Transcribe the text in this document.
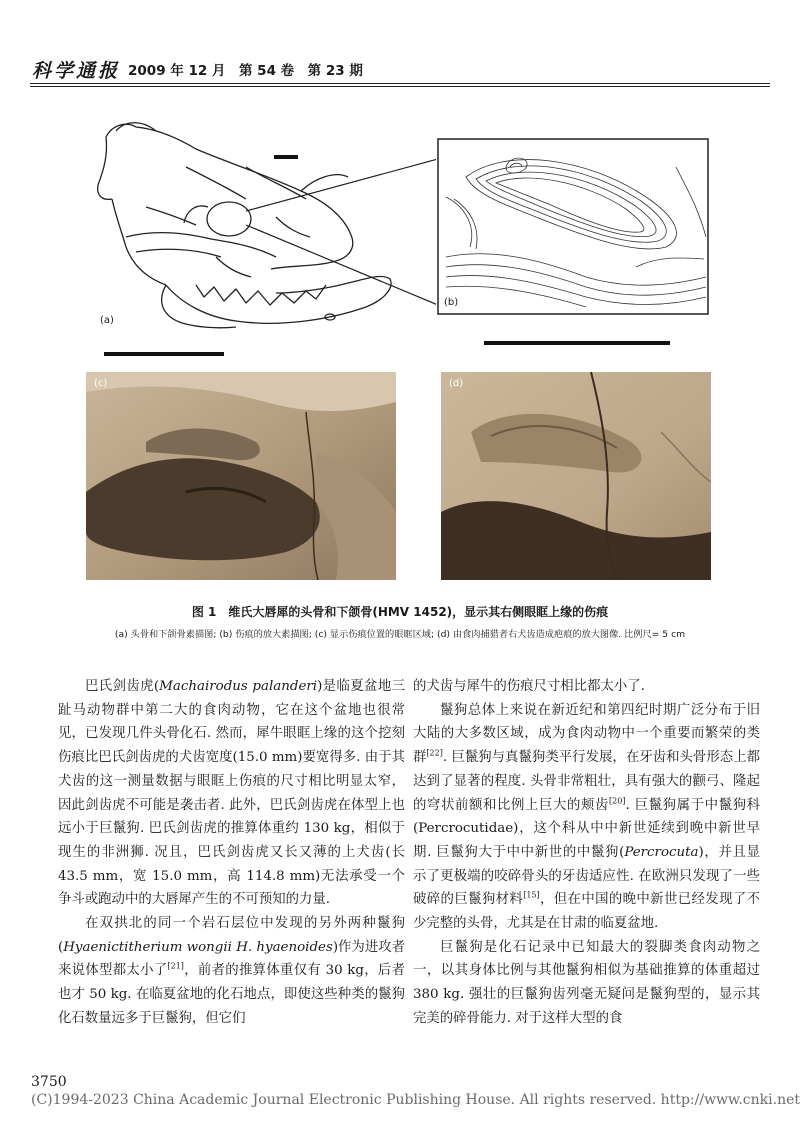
科学通报 2009 年 12 月　第 54 卷　第 23 期
(a)
(b)
(c)	(d)
图 1　维氏大唇犀的头骨和下颌骨(HMV 1452)，显示其右侧眼眶上缘的伤痕
(a) 头骨和下颌骨素描图; (b) 伤痕的放大素描图; (c) 显示伤痕位置的眼眶区域; (d) 由食肉捕猎者右犬齿造成疤痕的放大图像. 比例尺= 5 cm

巴氏剑齿虎(Machairodus palanderi)是临夏盆地三趾马动物群中第二大的食肉动物，它在这个盆地也很常见，已发现几件头骨化石. 然而，犀牛眼眶上缘的这个挖刻伤痕比巴氏剑齿虎的犬齿宽度(15.0 mm)要宽得多. 由于其犬齿的这一测量数据与眼眶上伤痕的尺寸相比明显太窄，因此剑齿虎不可能是袭击者. 此外，巴氏剑齿虎在体型上也远小于巨鬣狗. 巴氏剑齿虎的推算体重约 130 kg，相似于现生的非洲狮. 况且，巴氏剑齿虎又长又薄的上犬齿(长 43.5 mm，宽 15.0 mm，高 114.8 mm)无法承受一个争斗或跑动中的大唇犀产生的不可预知的力量.

在双拱北的同一个岩石层位中发现的另外两种鬣狗(Hyaenictitherium wongii H. hyaenoides)作为进攻者来说体型都太小了[21]，前者的推算体重仅有 30 kg，后者也才 50 kg. 在临夏盆地的化石地点，即使这些种类的鬣狗化石数量远多于巨鬣狗，但它们

的犬齿与犀牛的伤痕尺寸相比都太小了.

鬣狗总体上来说在新近纪和第四纪时期广泛分布于旧大陆的大多数区域，成为食肉动物中一个重要而繁荣的类群[22]. 巨鬣狗与真鬣狗类平行发展，在牙齿和头骨形态上都达到了显著的程度. 头骨非常粗壮，具有强大的颧弓、隆起的穹状前额和比例上巨大的颊齿[20]. 巨鬣狗属于中鬣狗科(Percrocutidae)，这个科从中中新世延续到晚中新世早期. 巨鬣狗大于中中新世的中鬣狗(Percrocuta)，并且显示了更极端的咬碎骨头的牙齿适应性. 在欧洲只发现了一些破碎的巨鬣狗材料[15]，但在中国的晚中新世已经发现了不少完整的头骨，尤其是在甘肃的临夏盆地.

巨鬣狗是化石记录中已知最大的裂脚类食肉动物之一，以其身体比例与其他鬣狗相似为基础推算的体重超过 380 kg. 强壮的巨鬣狗齿列毫无疑问是鬣狗型的，显示其完美的碎骨能力. 对于这样大型的食

3750
(C)1994-2023 China Academic Journal Electronic Publishing House. All rights reserved. http://www.cnki.net
